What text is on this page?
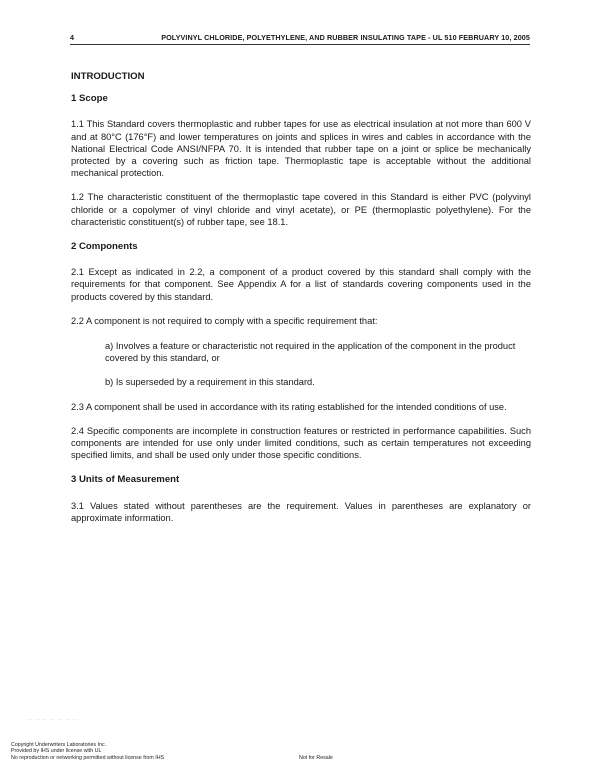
4	POLYVINYL CHLORIDE, POLYETHYLENE, AND RUBBER INSULATING TAPE - UL 510 FEBRUARY 10, 2005
INTRODUCTION
1 Scope
1.1 This Standard covers thermoplastic and rubber tapes for use as electrical insulation at not more than 600 V and at 80°C (176°F) and lower temperatures on joints and splices in wires and cables in accordance with the National Electrical Code ANSI/NFPA 70. It is intended that rubber tape on a joint or splice be mechanically protected by a covering such as friction tape. Thermoplastic tape is acceptable without the additional mechanical protection.
1.2 The characteristic constituent of the thermoplastic tape covered in this Standard is either PVC (polyvinyl chloride or a copolymer of vinyl chloride and vinyl acetate), or PE (thermoplastic polyethylene). For the characteristic constituent(s) of rubber tape, see 18.1.
2 Components
2.1 Except as indicated in 2.2, a component of a product covered by this standard shall comply with the requirements for that component. See Appendix A for a list of standards covering components used in the products covered by this standard.
2.2 A component is not required to comply with a specific requirement that:
a) Involves a feature or characteristic not required in the application of the component in the product covered by this standard, or
b) Is superseded by a requirement in this standard.
2.3 A component shall be used in accordance with its rating established for the intended conditions of use.
2.4 Specific components are incomplete in construction features or restricted in performance capabilities. Such components are intended for use only under limited conditions, such as certain temperatures not exceeding specified limits, and shall be used only under those specific conditions.
3 Units of Measurement
3.1 Values stated without parentheses are the requirement. Values in parentheses are explanatory or approximate information.
— — — — — — —
Copyright Underwriters Laboratories Inc.
Provided by IHS under license with UL
No reproduction or networking permitted without license from IHS	Not for Resale
